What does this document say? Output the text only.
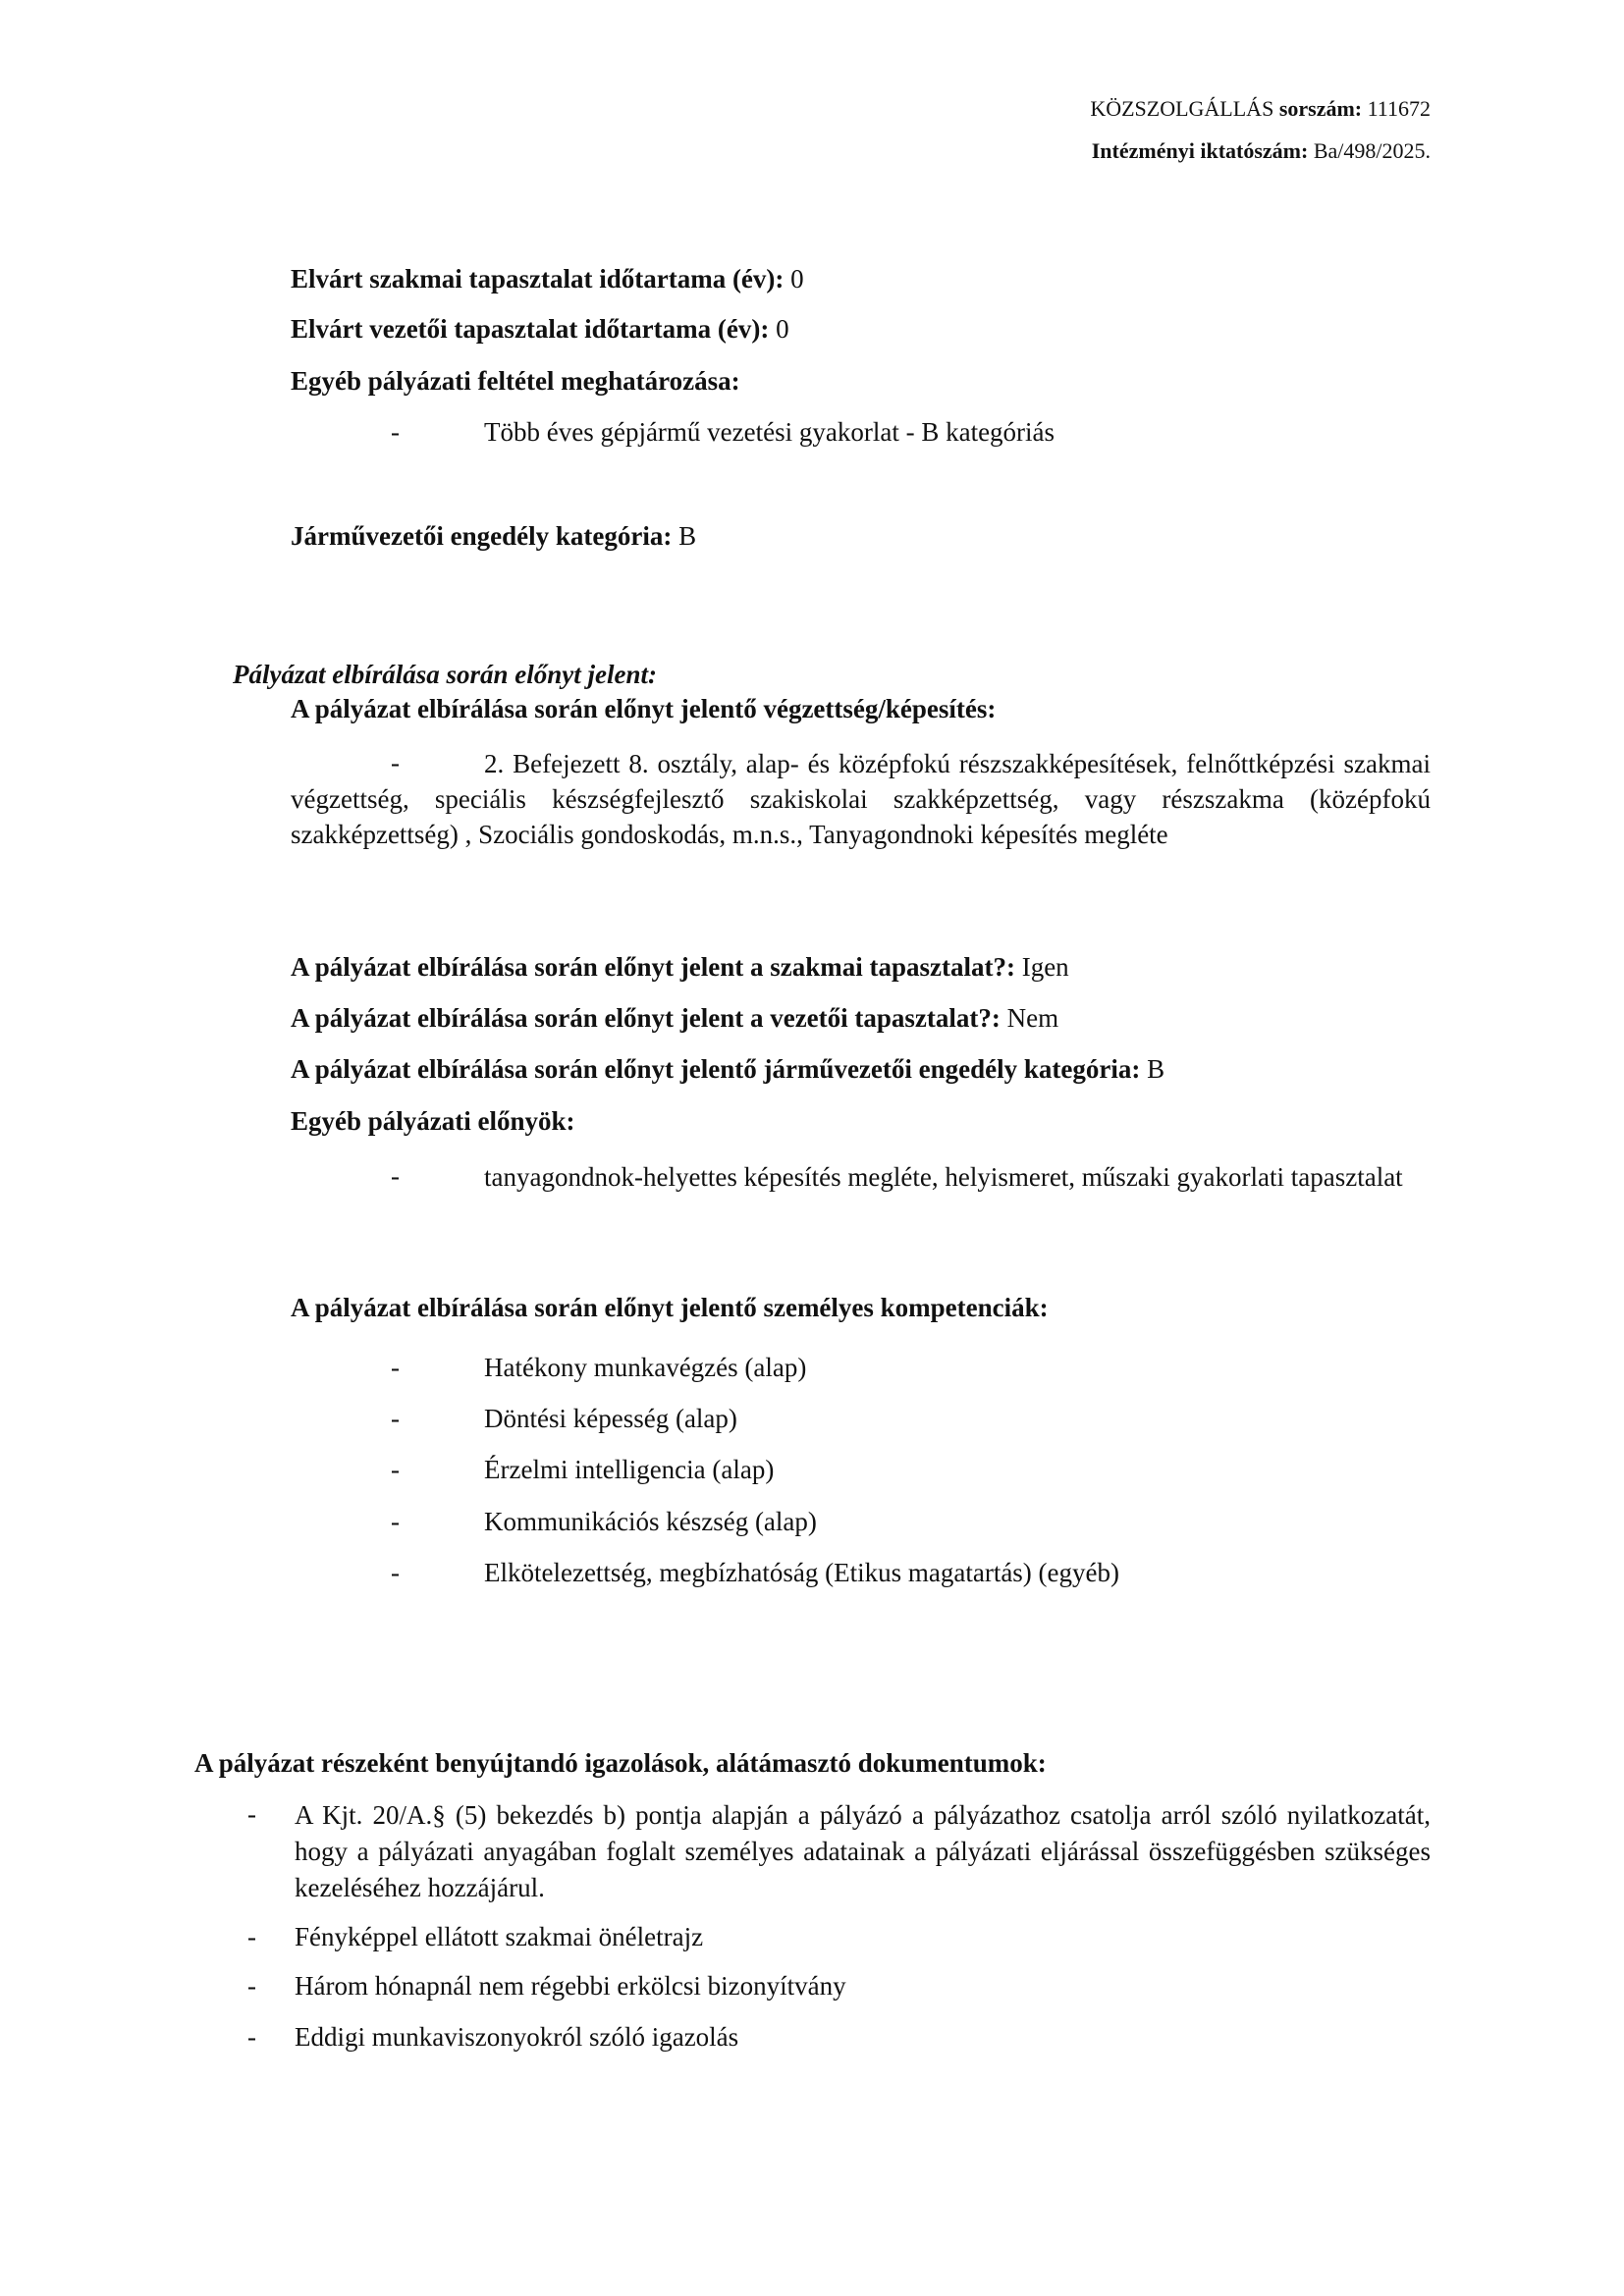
KÖZSZOLGÁLLÁS sorszám: 111672
Intézményi iktatószám: Ba/498/2025.
Elvárt szakmai tapasztalat időtartama (év): 0
Elvárt vezetői tapasztalat időtartama (év): 0
Egyéb pályázati feltétel meghatározása:
-	Több éves gépjármű vezetési gyakorlat - B kategóriás
Járművezetői engedély kategória: B
Pályázat elbírálása során előnyt jelent:
A pályázat elbírálása során előnyt jelentő végzettség/képesítés:
-	2. Befejezett 8. osztály, alap- és középfokú részszakképesítések, felnőttképzési szakmai végzettség, speciális készségfejlesztő szakiskolai szakképzettség, vagy részszakma (középfokú szakképzettség) , Szociális gondoskodás, m.n.s., Tanyagondnoki képesítés megléte
A pályázat elbírálása során előnyt jelent a szakmai tapasztalat?: Igen
A pályázat elbírálása során előnyt jelent a vezetői tapasztalat?: Nem
A pályázat elbírálása során előnyt jelentő járművezetői engedély kategória: B
Egyéb pályázati előnyök:
-	tanyagondnok-helyettes képesítés megléte, helyismeret, műszaki gyakorlati tapasztalat
A pályázat elbírálása során előnyt jelentő személyes kompetenciák:
-	Hatékony munkavégzés (alap)
-	Döntési képesség (alap)
-	Érzelmi intelligencia (alap)
-	Kommunikációs készség (alap)
-	Elkötelezettség, megbízhatóság (Etikus magatartás) (egyéb)
A pályázat részeként benyújtandó igazolások, alátámasztó dokumentumok:
- A Kjt. 20/A.§ (5) bekezdés b) pontja alapján a pályázó a pályázathoz csatolja arról szóló nyilatkozatát, hogy a pályázati anyagában foglalt személyes adatainak a pályázati eljárással összefüggésben szükséges kezeléséhez hozzájárul.
- Fényképpel ellátott szakmai önéletrajz
- Három hónapnál nem régebbi erkölcsi bizonyítvány
- Eddigi munkaviszonyokról szóló igazolás
